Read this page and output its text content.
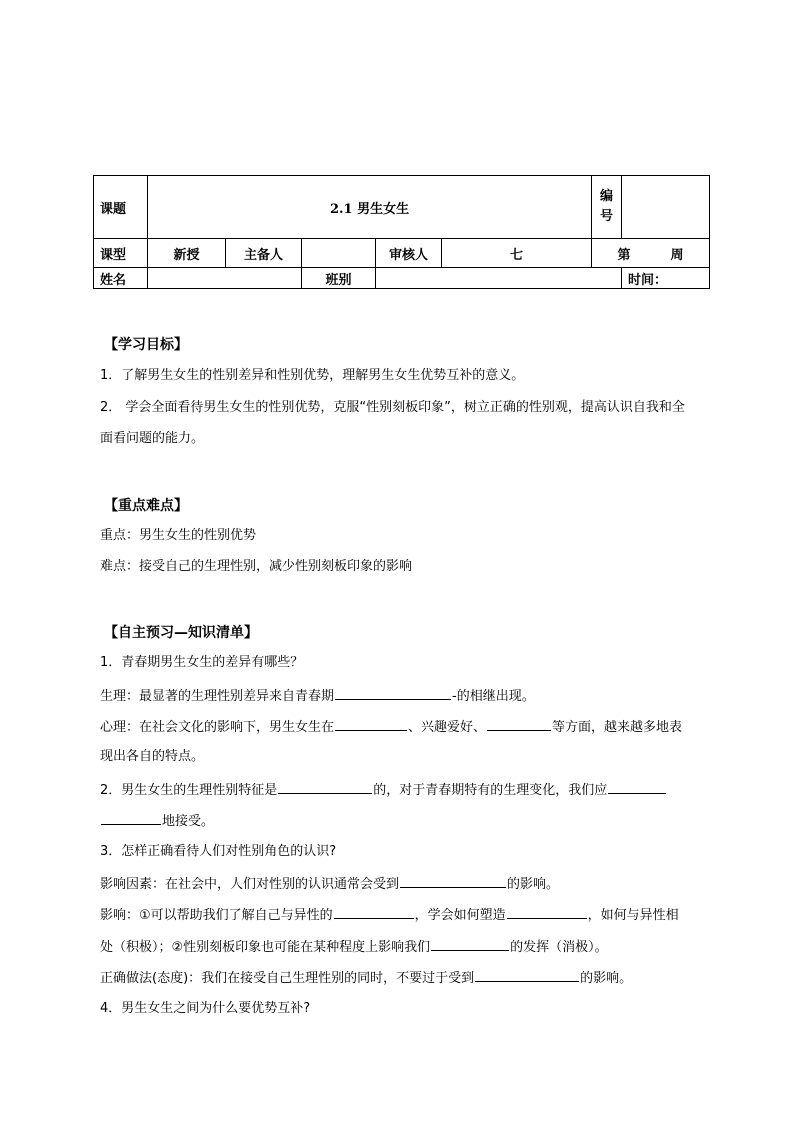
课题	2.1 男生女生					编
号	

课型	新授	主备人		审核人	七	第 周	
姓名			班别				时间：
【学习目标】
1．了解男生女生的性别差异和性别优势，理解男生女生优势互补的意义。
2． 学会全面看待男生女生的性别优势，克服“性别刻板印象”，树立正确的性别观，提高认识自我和全
面看问题的能力。
【重点难点】
重点：男生女生的性别优势
难点：接受自己的生理性别，减少性别刻板印象的影响
【自主预习—知识清单】
1．青春期男生女生的差异有哪些？
生理：最显著的生理性别差异来自青春期	-的相继出现。
心理：在社会文化的影响下，男生女生在	、兴趣爱好、	等方面，越来越多地表
现出各自的特点。
2．男生女生的生理性别特征是	的，对于青春期特有的生理变化，我们应
地接受。
3．怎样正确看待人们对性别角色的认识?
影响因素：在社会中，人们对性别的认识通常会受到	的影响。
影响：①可以帮助我们了解自己与异性的	，学会如何塑造	，如何与异性相
处（积极）；②性别刻板印象也可能在某种程度上影响我们	的发挥（消极）。
正确做法(态度)：我们在接受自己生理性别的同时，不要过于受到	的影响。
4．男生女生之间为什么要优势互补?
